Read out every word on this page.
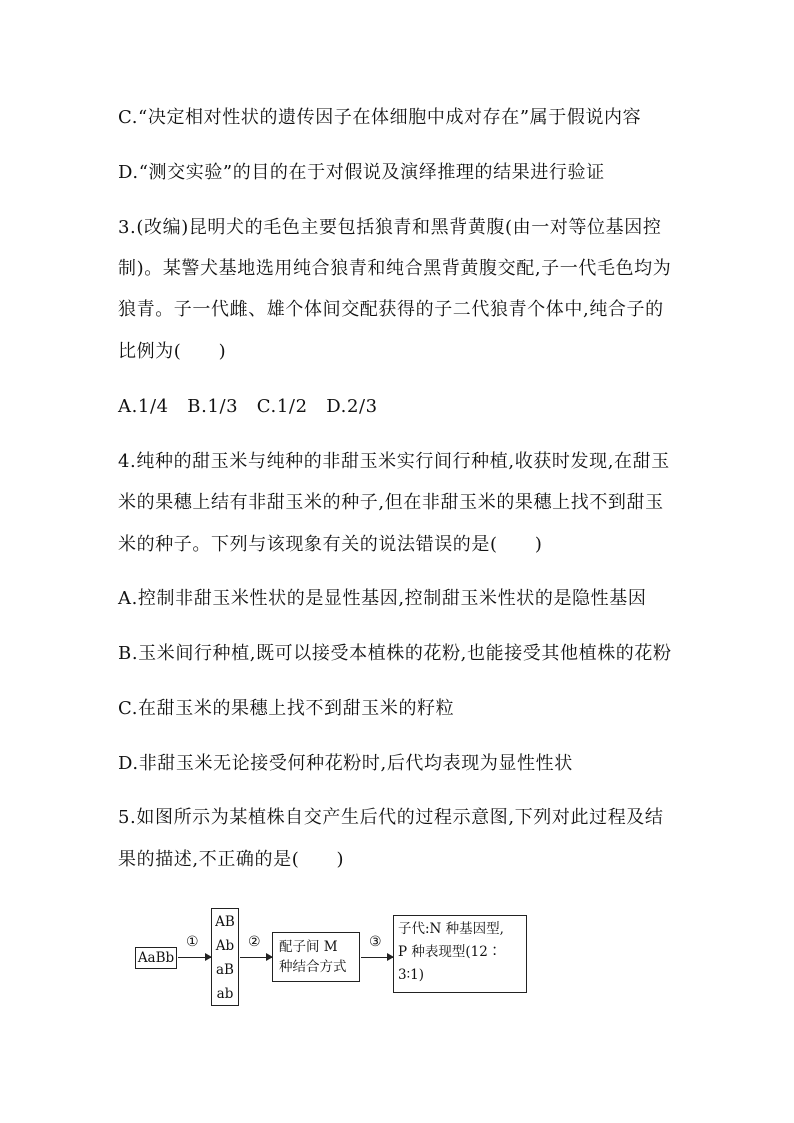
C.“决定相对性状的遗传因子在体细胞中成对存在”属于假说内容
D.“测交实验”的目的在于对假说及演绎推理的结果进行验证
3.(改编)昆明犬的毛色主要包括狼青和黑背黄腹(由一对等位基因控
制)。某警犬基地选用纯合狼青和纯合黑背黄腹交配,子一代毛色均为
狼青。子一代雌、雄个体间交配获得的子二代狼青个体中,纯合子的
比例为(　　)
A.1/4　B.1/3　C.1/2　D.2/3
4.纯种的甜玉米与纯种的非甜玉米实行间行种植,收获时发现,在甜玉
米的果穗上结有非甜玉米的种子,但在非甜玉米的果穗上找不到甜玉
米的种子。下列与该现象有关的说法错误的是(　　)
A.控制非甜玉米性状的是显性基因,控制甜玉米性状的是隐性基因
B.玉米间行种植,既可以接受本植株的花粉,也能接受其他植株的花粉
C.在甜玉米的果穗上找不到甜玉米的籽粒
D.非甜玉米无论接受何种花粉时,后代均表现为显性性状
5.如图所示为某植株自交产生后代的过程示意图,下列对此过程及结
果的描述,不正确的是(　　)
AaBb
①
AB
Ab
aB
ab
② 配子间 M
种结合方式
③
子代:N 种基因型,
P 种表现型(12∶
3∶1)
